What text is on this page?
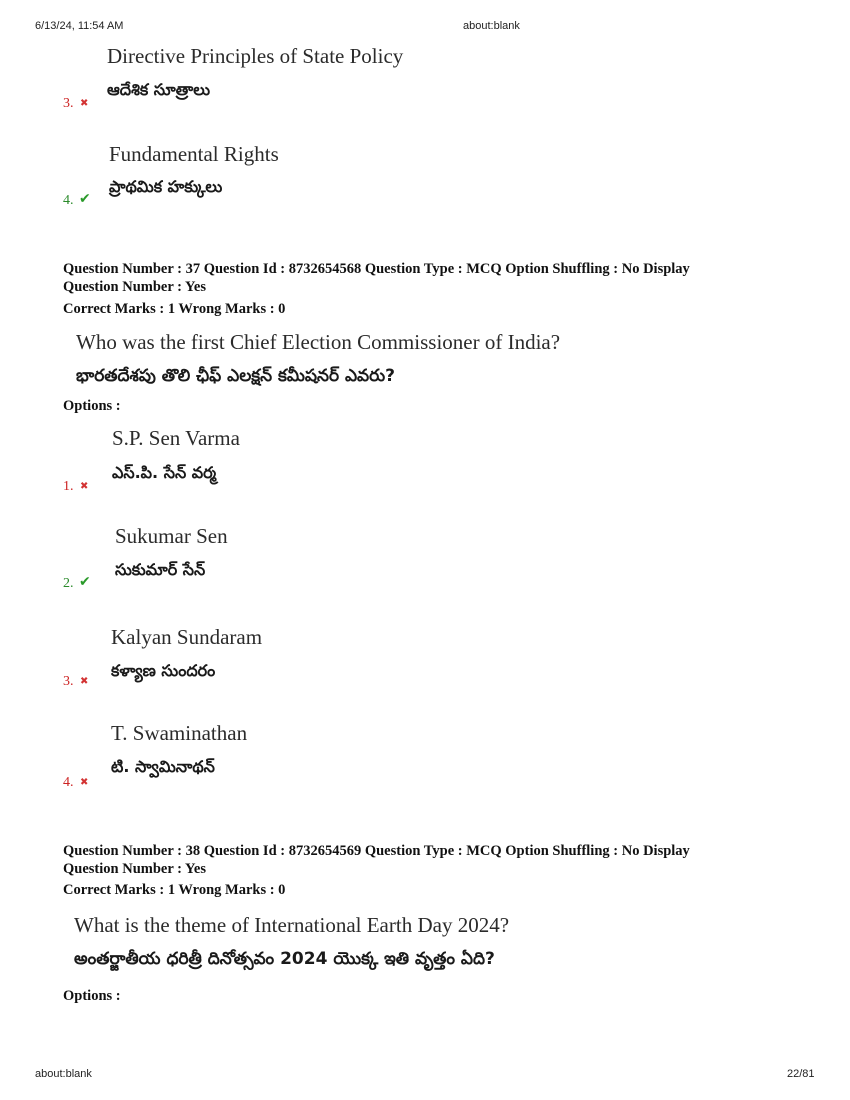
6/13/24, 11:54 AM	about:blank
about:blank	22/81
Directive Principles of State Policy
ఆదేశిక సూత్రాలు
3. ✖
Fundamental Rights
ప్రాథమిక హక్కులు
4. ✔
Question Number : 37 Question Id : 8732654568 Question Type : MCQ Option Shuffling : No Display
Question Number : Yes
Correct Marks : 1 Wrong Marks : 0
Who was the first Chief Election Commissioner of India?
భారతదేశపు తొలి ఛీఫ్ ఎలక్షన్ కమీషనర్ ఎవరు?
Options :
S.P. Sen Varma
ఎస్.పి. సేన్ వర్మ
1. ✖
Sukumar Sen
సుకుమార్ సేన్
2. ✔
Kalyan Sundaram
కళ్యాణ సుందరం
3. ✖
T. Swaminathan
టి. స్వామినాథన్
4. ✖
Question Number : 38 Question Id : 8732654569 Question Type : MCQ Option Shuffling : No Display
Question Number : Yes
Correct Marks : 1 Wrong Marks : 0
What is the theme of International Earth Day 2024?
అంతర్జాతీయ ధరిత్రీ దినోత్సవం 2024 యొక్క ఇతి వృత్తం ఏది?
Options :
